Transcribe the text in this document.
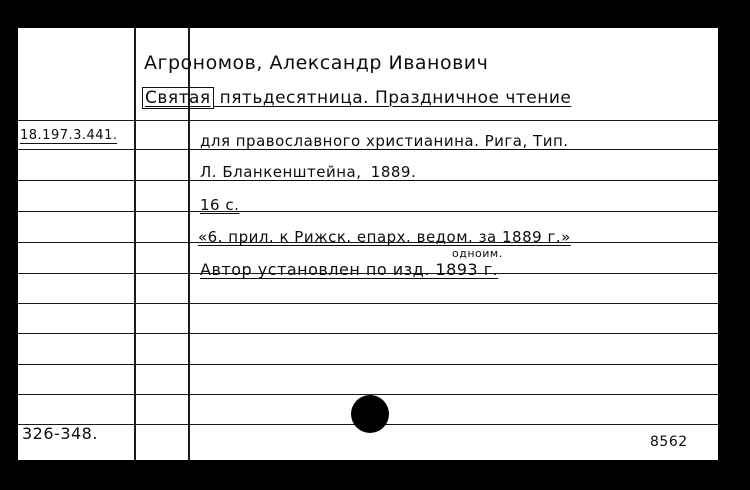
Агрономов, Александр Иванович
Святая пятьдесятница. Праздничное чтение
для православного христианина. Рига, Тип.
Л. Бланкенштейна, 1889.
16 с.
«6. прил. к Рижск. епарх. ведом. за 1889 г.»
одноим.
Автор установлен по изд. 1893 г.
18.197.3.441.
326-348.	8562
